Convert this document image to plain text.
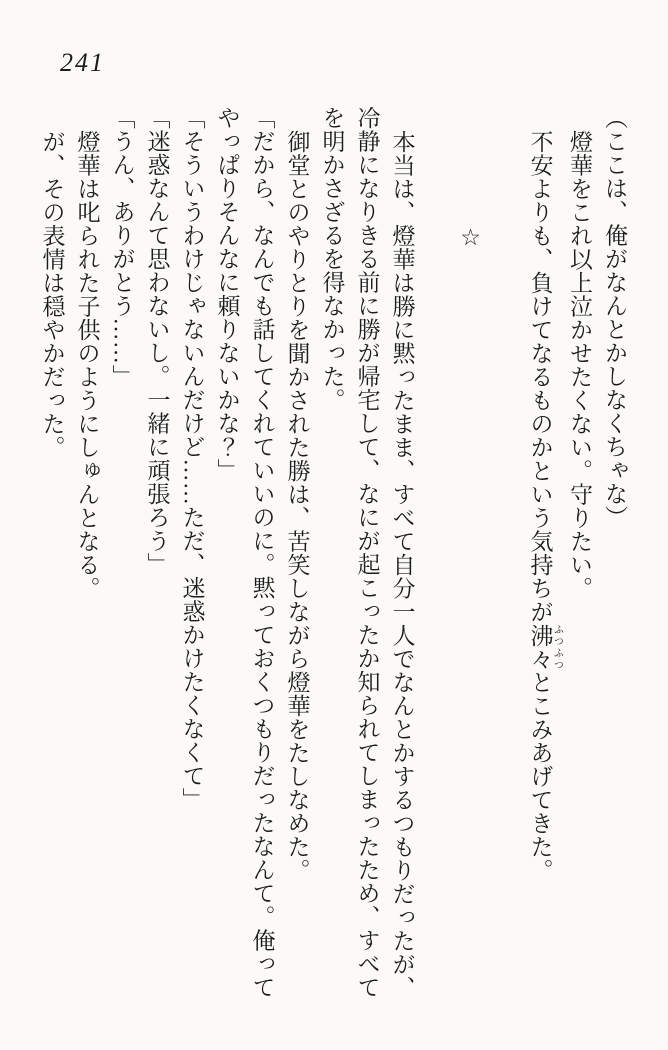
241

（ここは、俺がなんとかしなくちゃな）

燈華をこれ以上泣かせたくない。守りたい。

不安よりも、負けてなるものかという気持ちが沸々 ふつふつとこみあげてきた。

☆

本当は、燈華は勝に黙ったまま、すべて自分一人でなんとかするつもりだったが、冷静になりきる前に勝が帰宅して、なにが起こったか知られてしまったため、すべてを明かさざるを得なかった。

御堂とのやりとりを聞かされた勝は、苦笑しながら燈華をたしなめた。

「だから、なんでも話してくれていいのに。黙っておくつもりだったなんて。俺ってやっぱりそんなに頼りないかな？」

「そういうわけじゃないんだけど……ただ、迷惑かけたくなくて」

「迷惑なんて思わないし。一緒に頑張ろう」

「うん、ありがとう……」

燈華は叱られた子供のようにしゅんとなる。

が、その表情は穏やかだった。
